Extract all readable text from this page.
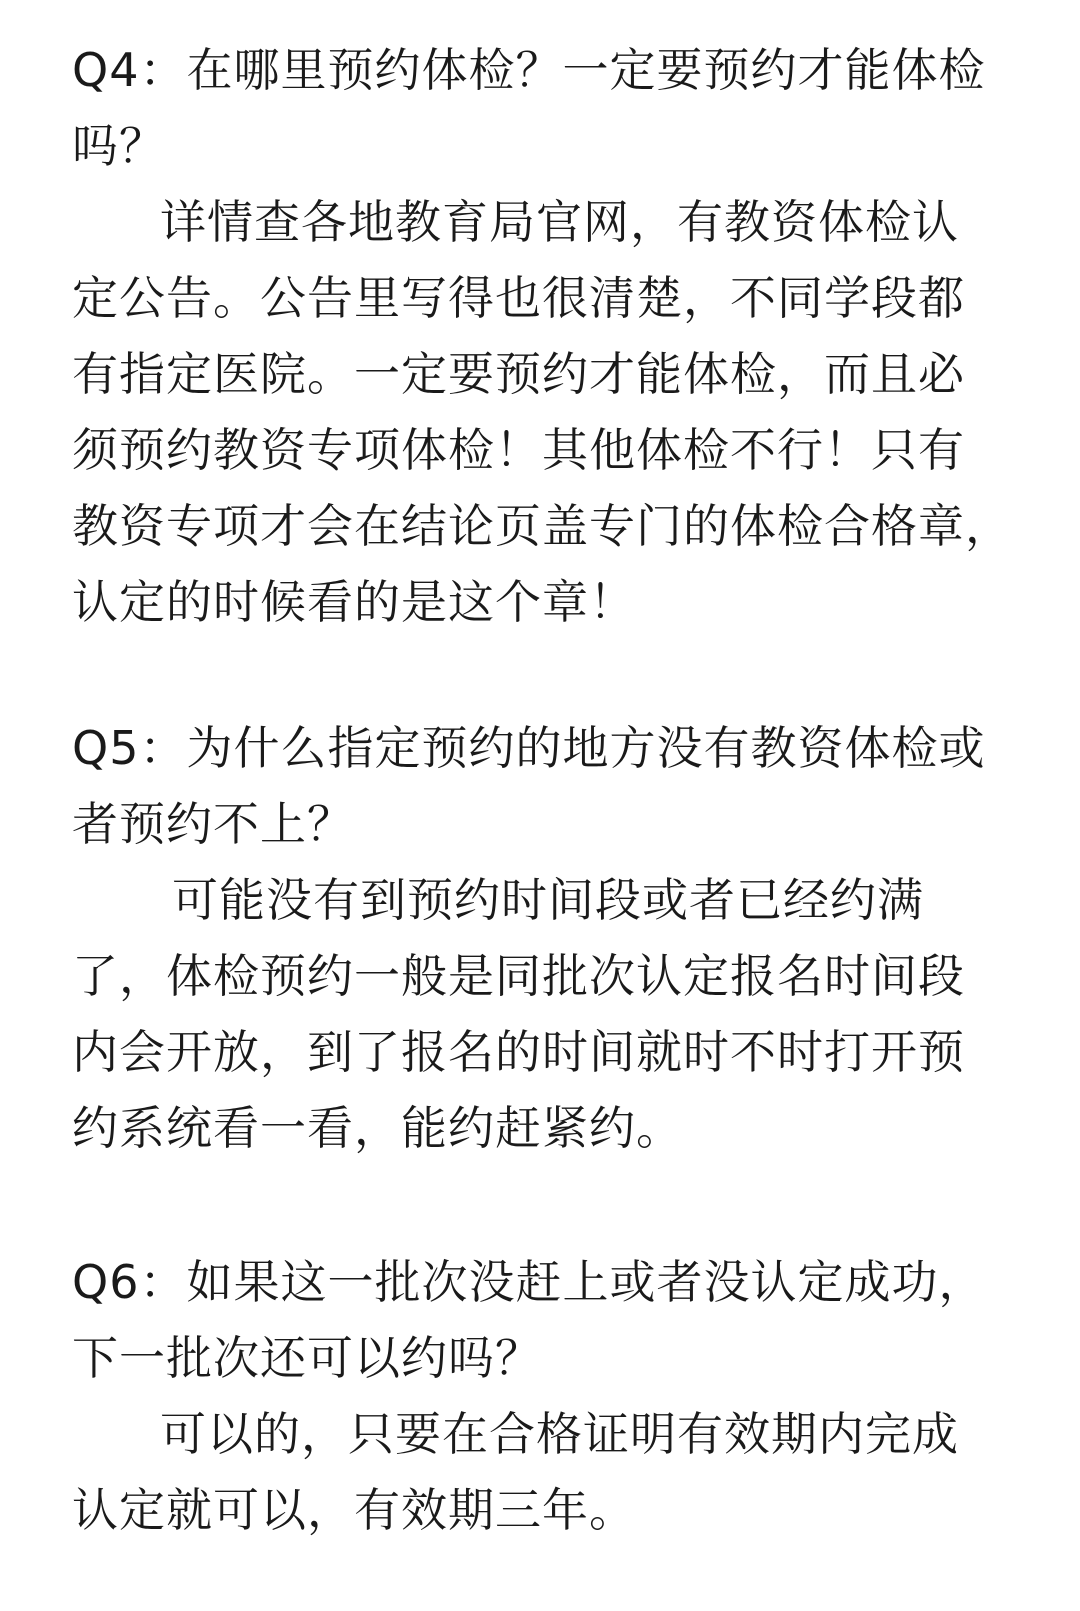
Q4：在哪里预约体检？一定要预约才能体检
吗？
详情查各地教育局官网，有教资体检认
定公告。公告里写得也很清楚，不同学段都
有指定医院。一定要预约才能体检，而且必
须预约教资专项体检！其他体检不行！只有
教资专项才会在结论页盖专门的体检合格章，
认定的时候看的是这个章！
Q5：为什么指定预约的地方没有教资体检或
者预约不上？
可能没有到预约时间段或者已经约满
了，体检预约一般是同批次认定报名时间段
内会开放，到了报名的时间就时不时打开预
约系统看一看，能约赶紧约。
Q6：如果这一批次没赶上或者没认定成功，
下一批次还可以约吗？
可以的，只要在合格证明有效期内完成
认定就可以，有效期三年。
